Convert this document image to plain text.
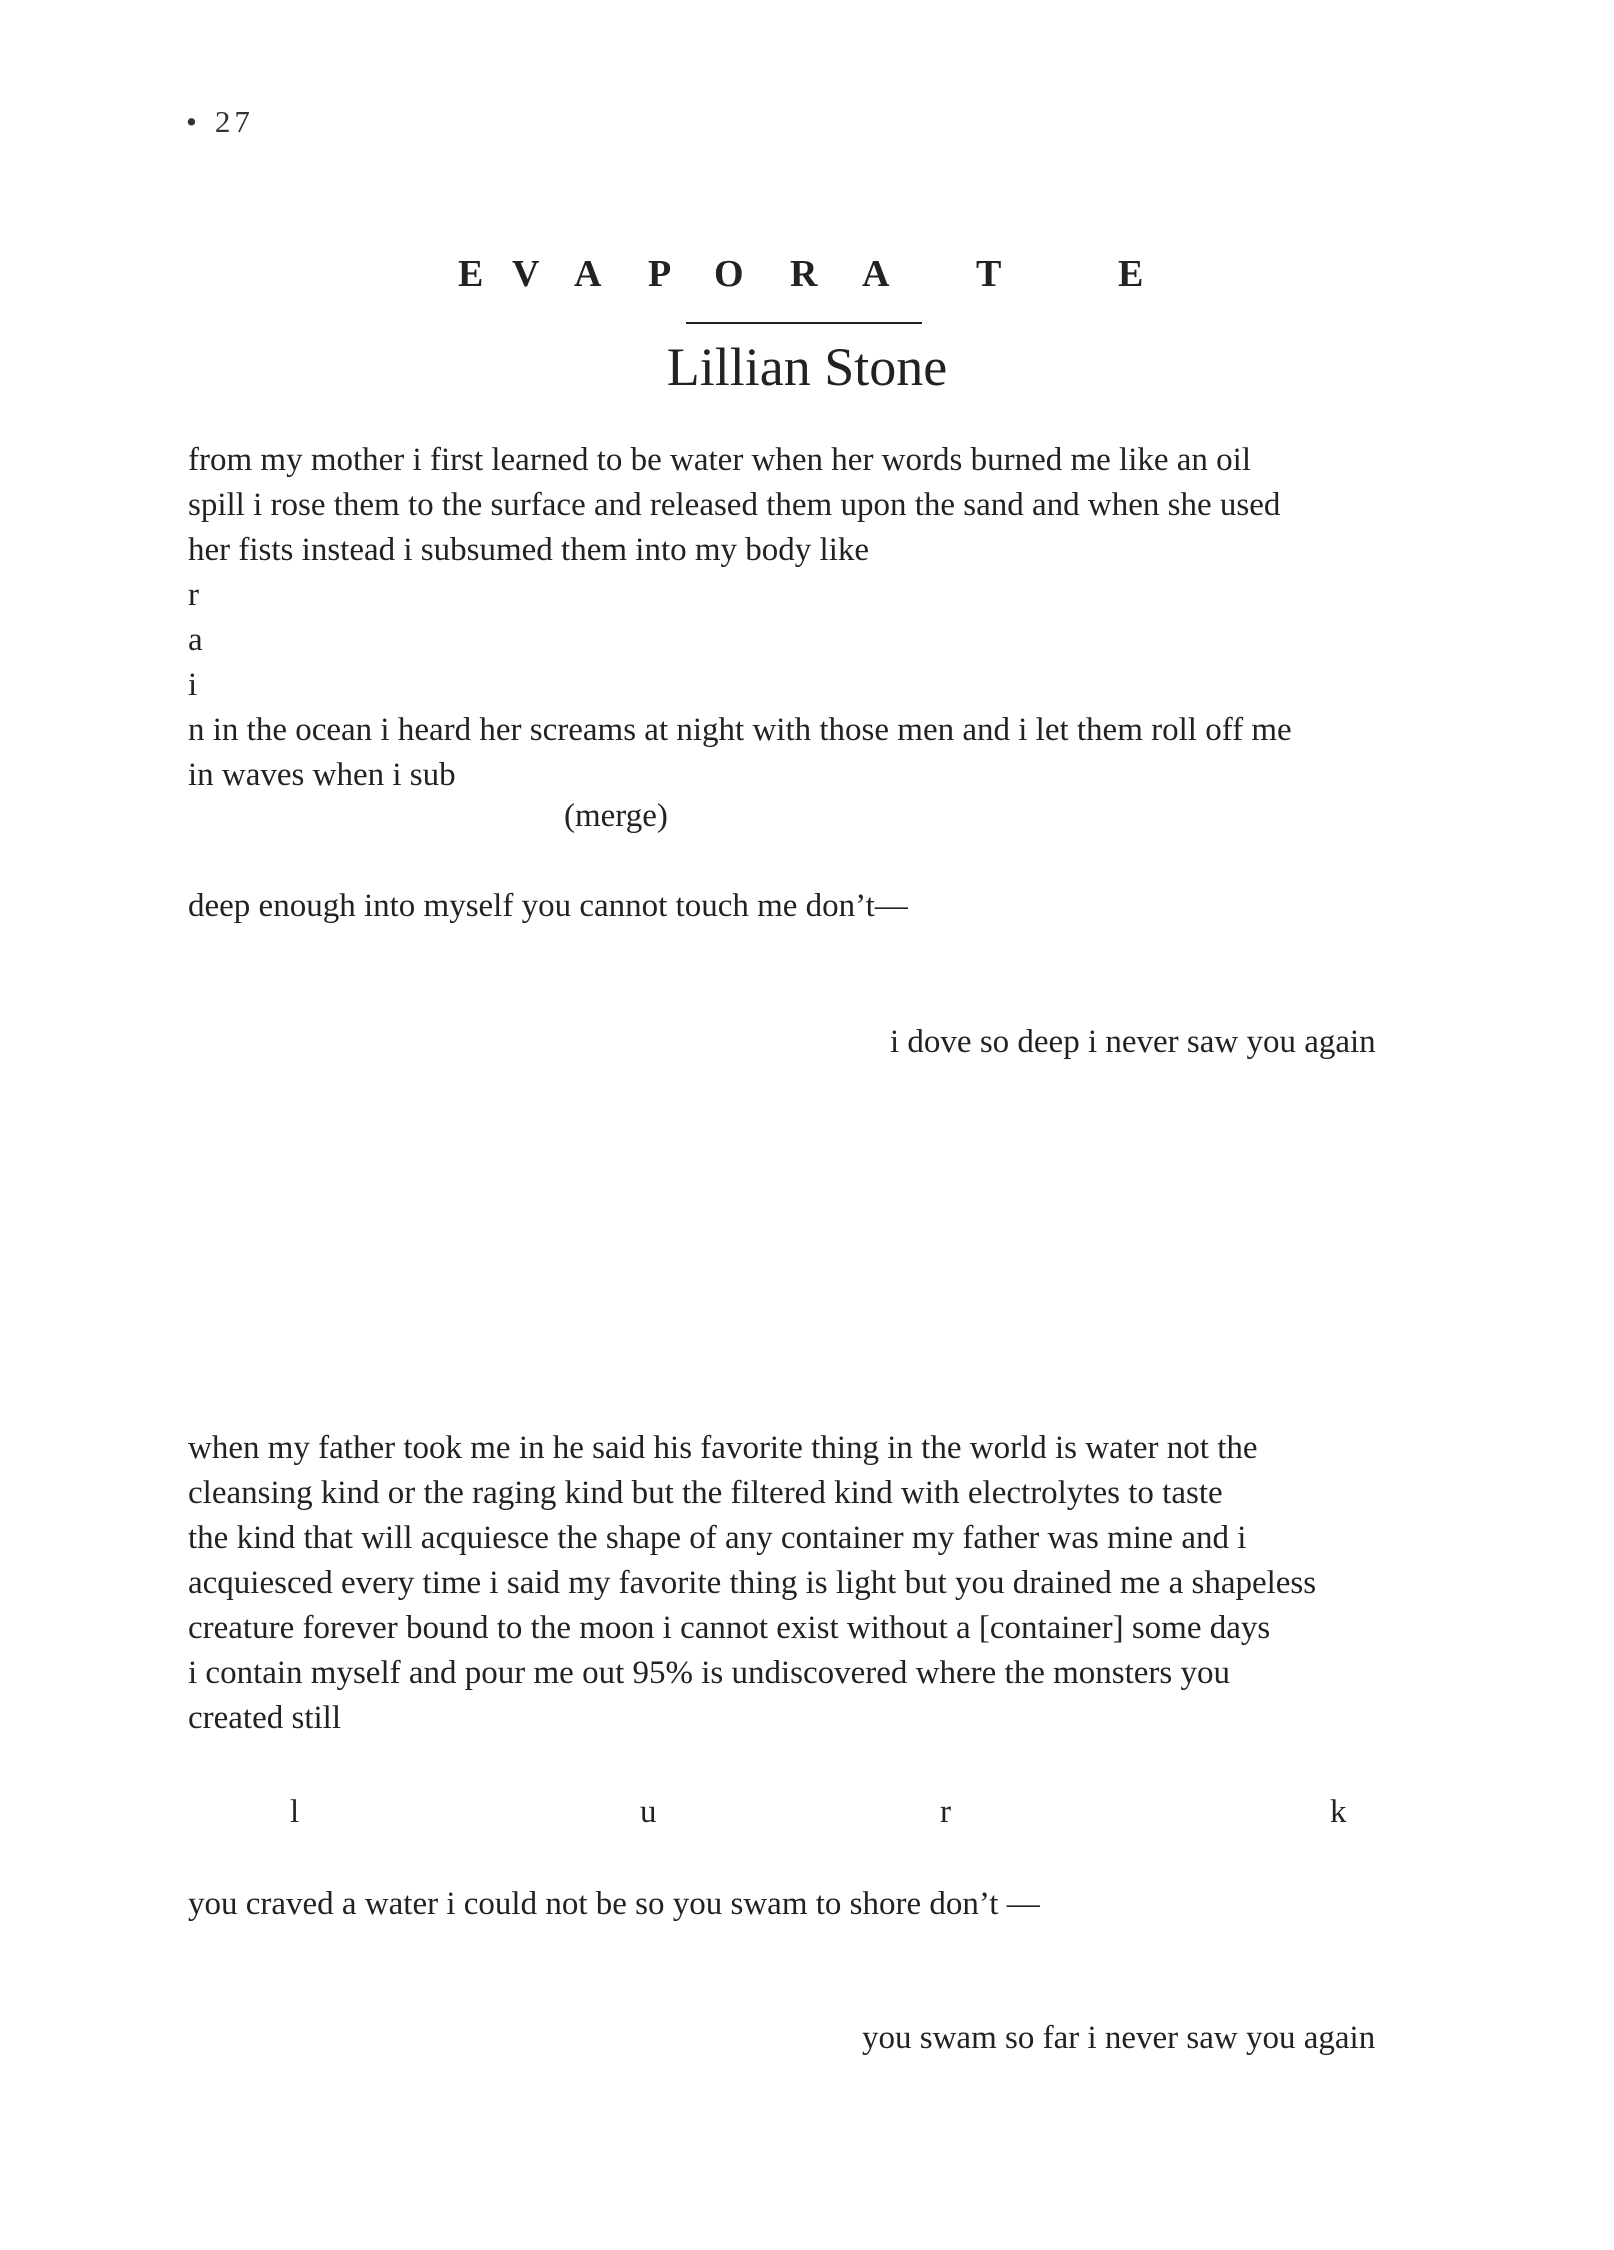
• 27
E V A P O R A T	E
Lillian Stone
from my mother i first learned to be water when her words burned me like an oil
spill i rose them to the surface and released them upon the sand and when she used
her fists instead i subsumed them into my body like
r
a
i
n in the ocean i heard her screams at night with those men and i let them roll off me
in waves when i sub
(merge)
deep enough into myself you cannot touch me don’t—
i dove so deep i never saw you again
when my father took me in he said his favorite thing in the world is water not the
cleansing kind or the raging kind but the filtered kind with electrolytes to taste
the kind that will acquiesce the shape of any container my father was mine and i
acquiesced every time i said my favorite thing is light but you drained me a shapeless
creature forever bound to the moon i cannot exist without a [container] some days
i contain myself and pour me out 95% is undiscovered where the monsters you
created still
l	u	r	k
you craved a water i could not be so you swam to shore don’t —
you swam so far i never saw you again
